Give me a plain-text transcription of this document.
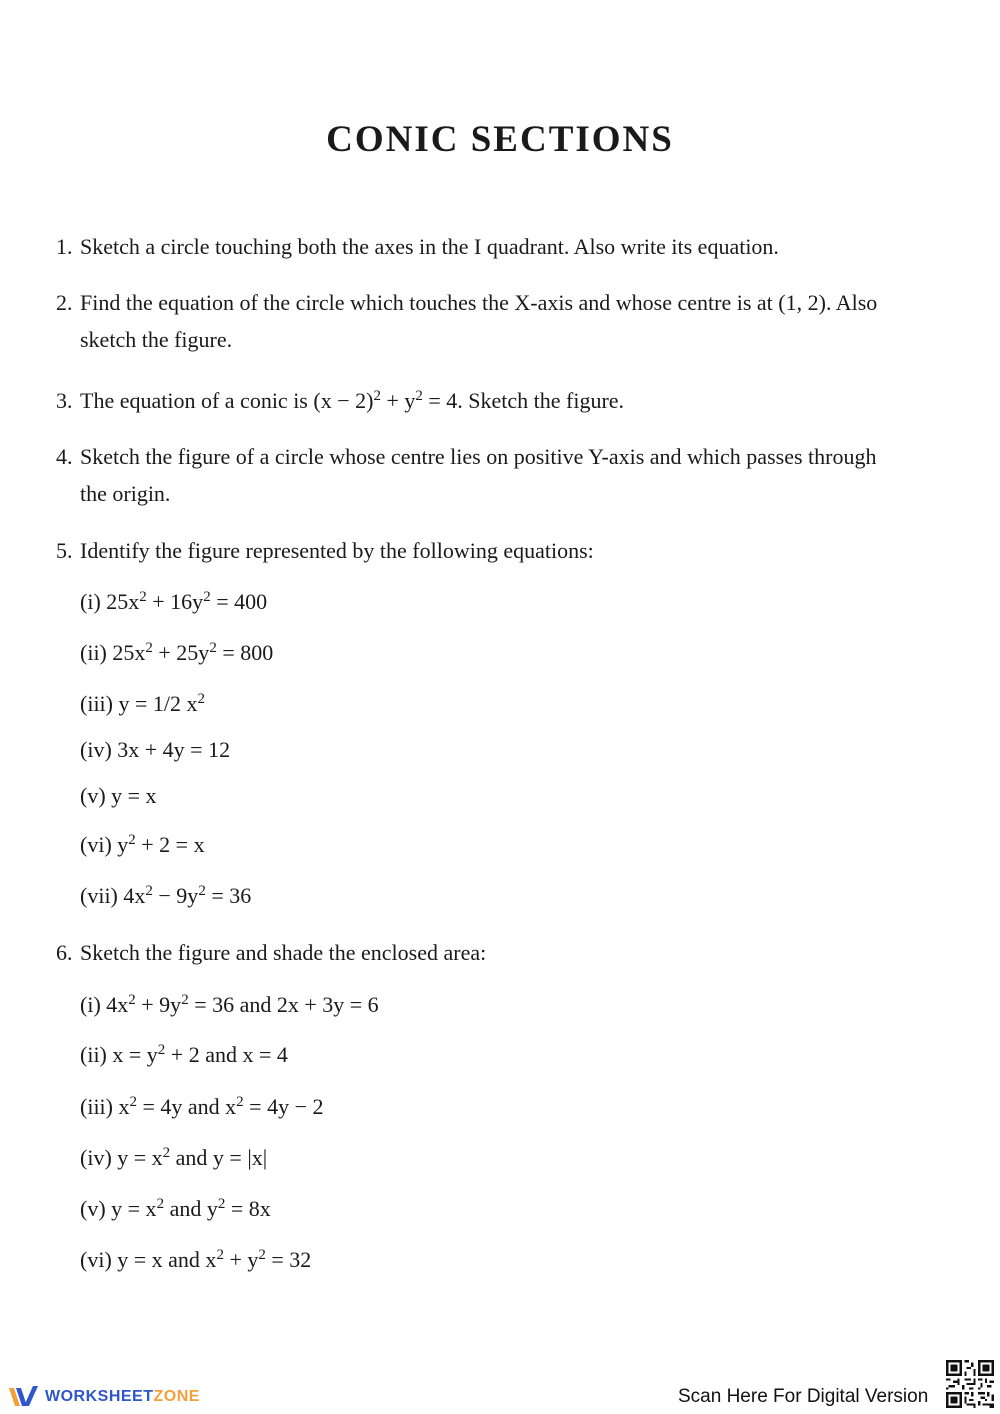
CONIC SECTIONS
1. Sketch a circle touching both the axes in the I quadrant. Also write its equation.
2. Find the equation of the circle which touches the X-axis and whose centre is at (1, 2). Also
sketch the figure.
3. The equation of a conic is $(x - 2)^2 + y^2 = 4$. Sketch the figure.
4. Sketch the figure of a circle whose centre lies on positive Y-axis and which passes through
the origin.
5. Identify the figure represented by the following equations:
(i) $25x^2 + 16y^2 = 400$
(ii) $25x^2 + 25y^2 = 800$
(iii) y = 1/2 $x^2$
(iv) 3x + 4y = 12
(v) y = x
(vi) $y^2 + 2 = x$
(vii) $4x^2 - 9y^2 = 36$
6. Sketch the figure and shade the enclosed area:
(i) $4x^2 + 9y^2 = 36$ and 2x + 3y = 6
(ii) $x = y^2 + 2$ and x = 4
(iii) $x^2 = 4y$ and $x^2 = 4y - 2$
(iv) $y = x^2$ and y = |x|
(v) $y = x^2$ and $y^2 = 8x$
(vi) y = x and $x^2 + y^2 = 32$
WORKSHEETZONE	Scan Here For Digital Version
